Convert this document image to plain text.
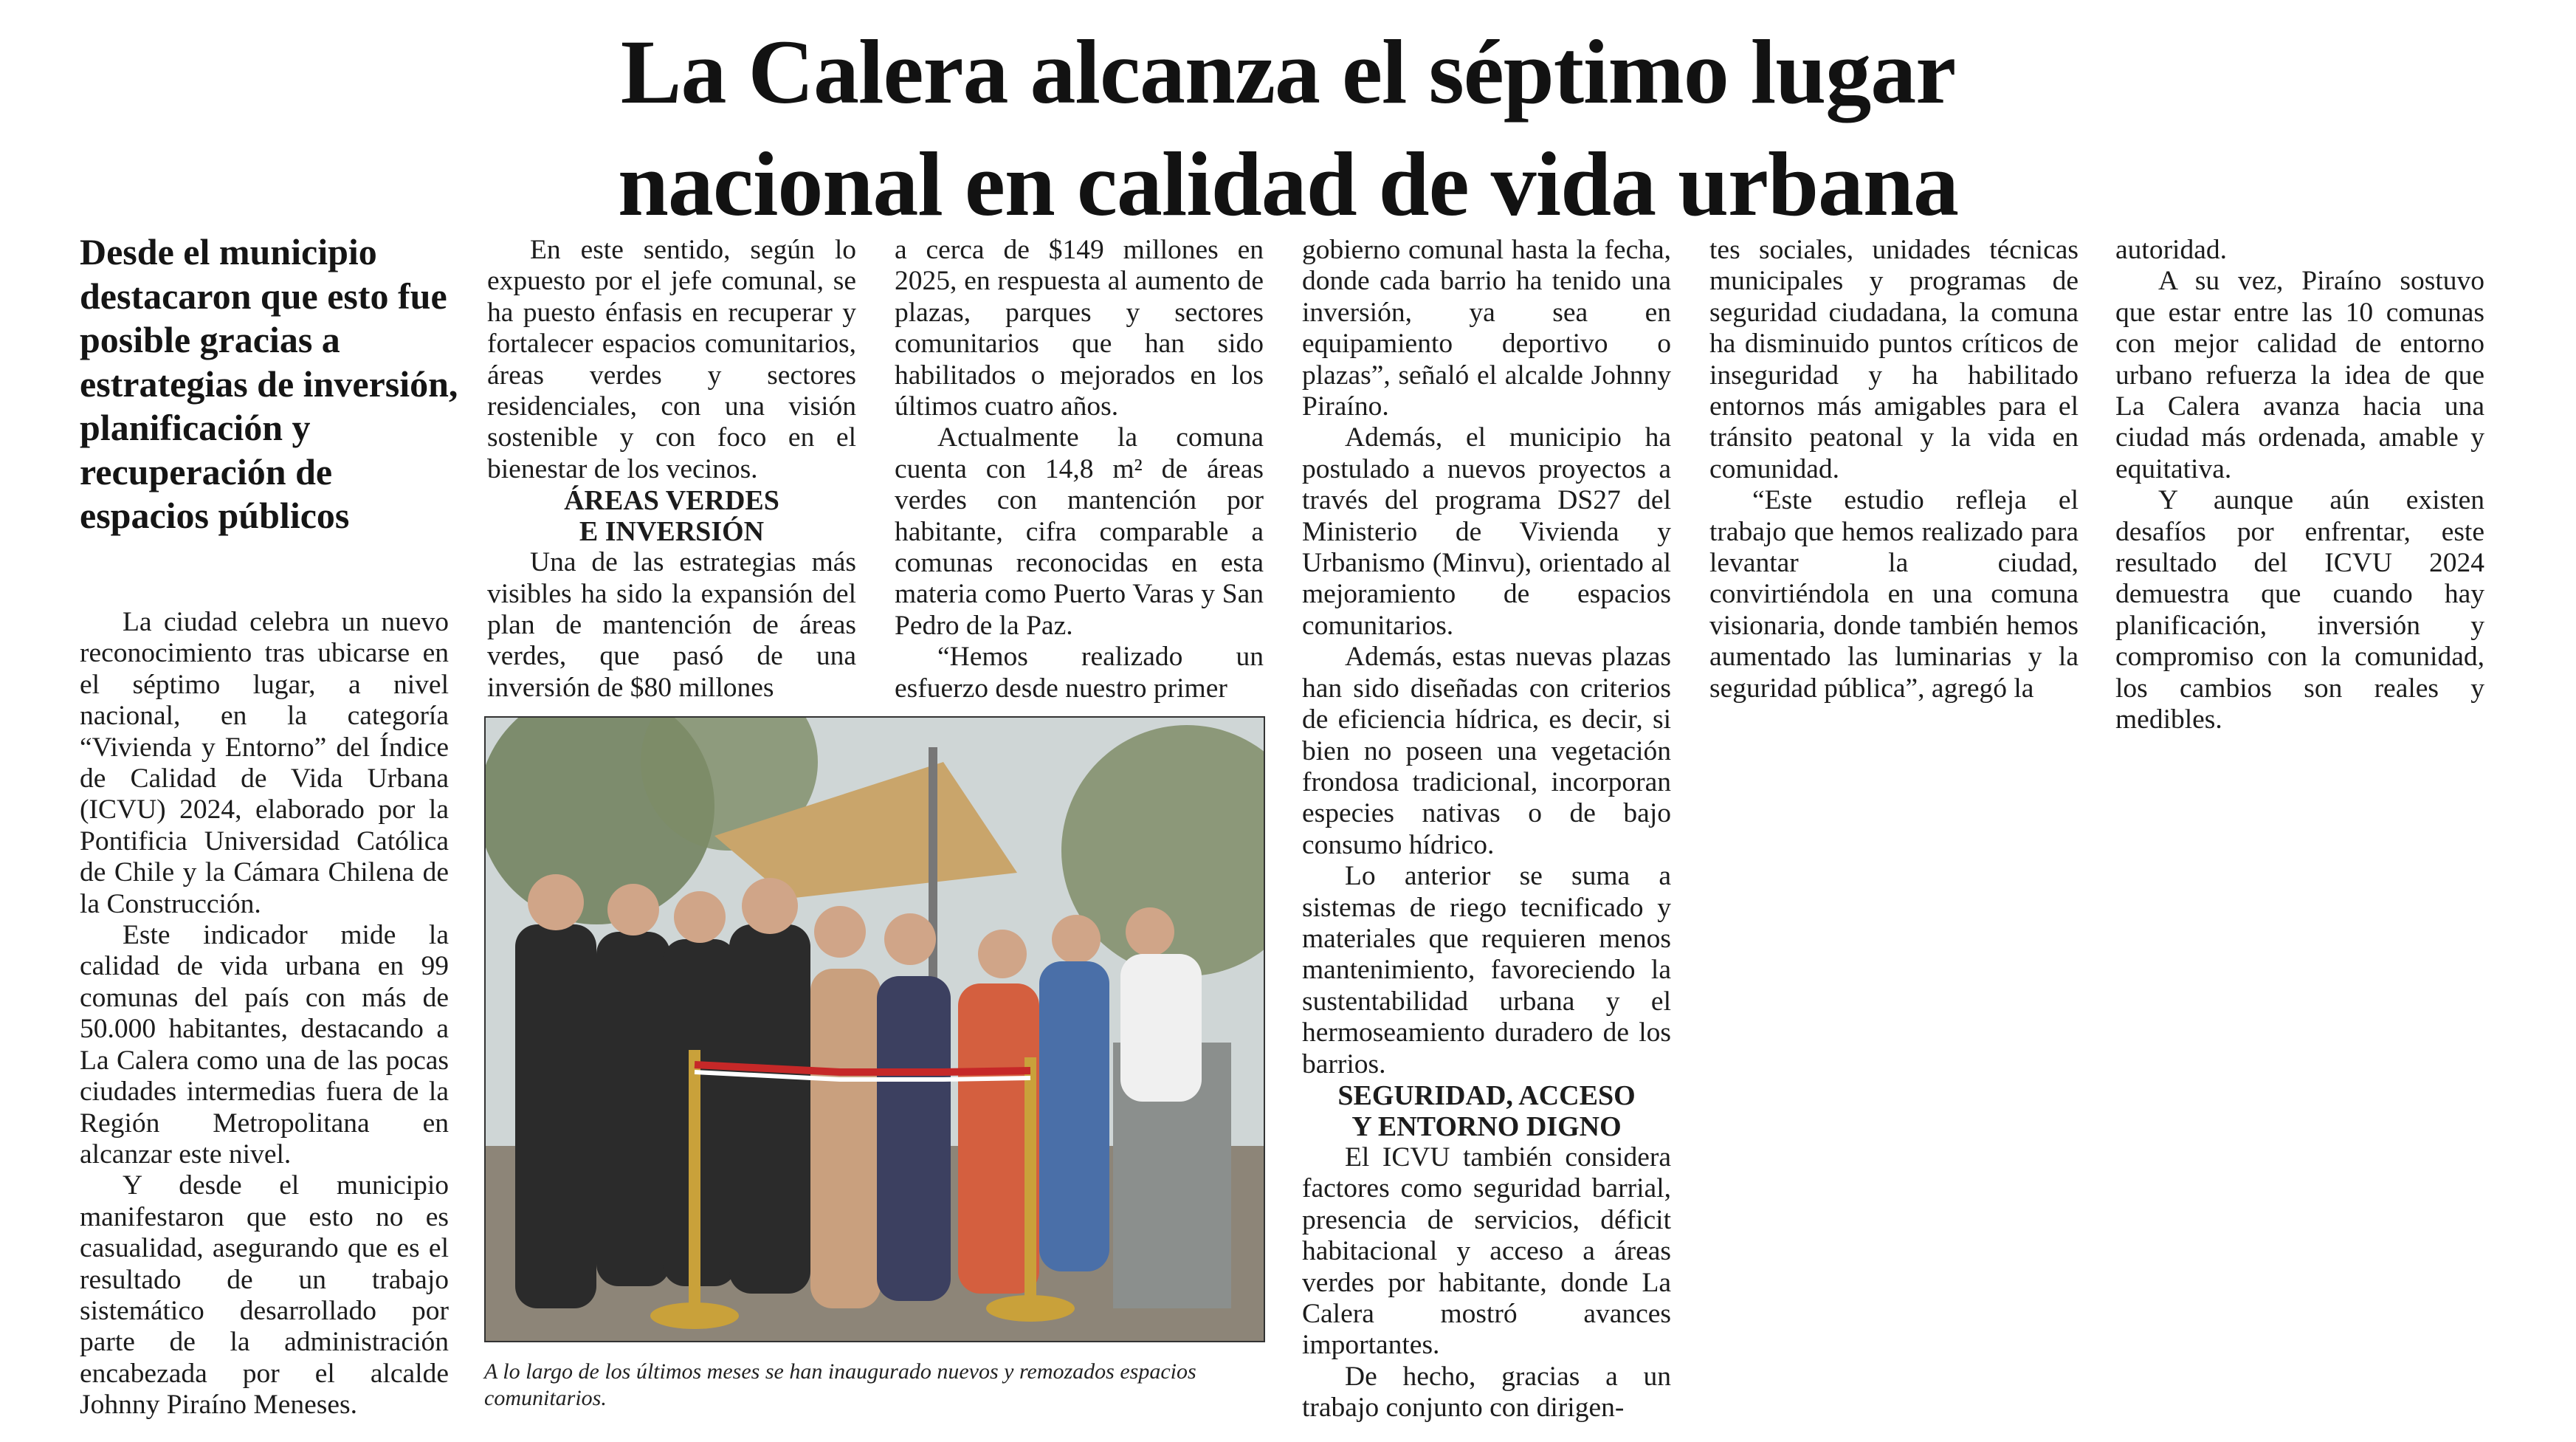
La Calera alcanza el séptimo lugar
nacional en calidad de vida urbana
Desde el municipio destacaron que esto fue posible gracias a estrategias de inversión, planificación y recuperación de espacios públicos

La ciudad celebra un nuevo reconocimiento tras ubicarse en el séptimo lugar, a nivel nacional, en la categoría “Vivienda y Entorno” del Índice de Calidad de Vida Urbana (ICVU) 2024, elaborado por la Pontificia Universidad Católica de Chile y la Cámara Chilena de la Construcción.

Este indicador mide la calidad de vida urbana en 99 comunas del país con más de 50.000 habitantes, destacando a La Calera como una de las pocas ciudades intermedias fuera de la Región Metropolitana en alcanzar este nivel.

Y desde el municipio manifestaron que esto no es casualidad, asegurando que es el resultado de un trabajo sistemático desarrollado por parte de la administración encabezada por el alcalde Johnny Piraíno Meneses.

En este sentido, según lo expuesto por el jefe comunal, se ha puesto énfasis en recuperar y fortalecer espacios comunitarios, áreas verdes y sectores residenciales, con una visión sostenible y con foco en el bienestar de los vecinos.

ÁREAS VERDES

E INVERSIÓN

Una de las estrategias más visibles ha sido la expansión del plan de mantención de áreas verdes, que pasó de una inversión de $80 millones

a cerca de $149 millones en 2025, en respuesta al aumento de plazas, parques y sectores comunitarios que han sido habilitados o mejorados en los últimos cuatro años.

Actualmente la comuna cuenta con 14,8 m² de áreas verdes con mantención por habitante, cifra comparable a comunas reconocidas en esta materia como Puerto Varas y San Pedro de la Paz.

“Hemos realizado un esfuerzo desde nuestro primer

A lo largo de los últimos meses se han inaugurado nuevos y remozados espacios comunitarios.

gobierno comunal hasta la fecha, donde cada barrio ha tenido una inversión, ya sea en equipamiento deportivo o plazas”, señaló el alcalde Johnny Piraíno.

Además, el municipio ha postulado a nuevos proyectos a través del programa DS27 del Ministerio de Vivienda y Urbanismo (Minvu), orientado al mejoramiento de espacios comunitarios.

Además, estas nuevas plazas han sido diseñadas con criterios de eficiencia hídrica, es decir, si bien no poseen una vegetación frondosa tradicional, incorporan especies nativas o de bajo consumo hídrico.

Lo anterior se suma a sistemas de riego tecnificado y materiales que requieren menos mantenimiento, favoreciendo la sustentabilidad urbana y el hermoseamiento duradero de los barrios.

SEGURIDAD, ACCESO

Y ENTORNO DIGNO

El ICVU también considera factores como seguridad barrial, presencia de servicios, déficit habitacional y acceso a áreas verdes por habitante, donde La Calera mostró avances importantes.

De hecho, gracias a un trabajo conjunto con dirigen-

tes sociales, unidades técnicas municipales y programas de seguridad ciudadana, la comuna ha disminuido puntos críticos de inseguridad y ha habilitado entornos más amigables para el tránsito peatonal y la vida en comunidad.

“Este estudio refleja el trabajo que hemos realizado para levantar la ciudad, convirtiéndola en una comuna visionaria, donde también hemos aumentado las luminarias y la seguridad pública”, agregó la

autoridad.

A su vez, Piraíno sostuvo que estar entre las 10 comunas con mejor calidad de entorno urbano refuerza la idea de que La Calera avanza hacia una ciudad más ordenada, amable y equitativa.

Y aunque aún existen desafíos por enfrentar, este resultado del ICVU 2024 demuestra que cuando hay planificación, inversión y compromiso con la comunidad, los cambios son reales y medibles.
